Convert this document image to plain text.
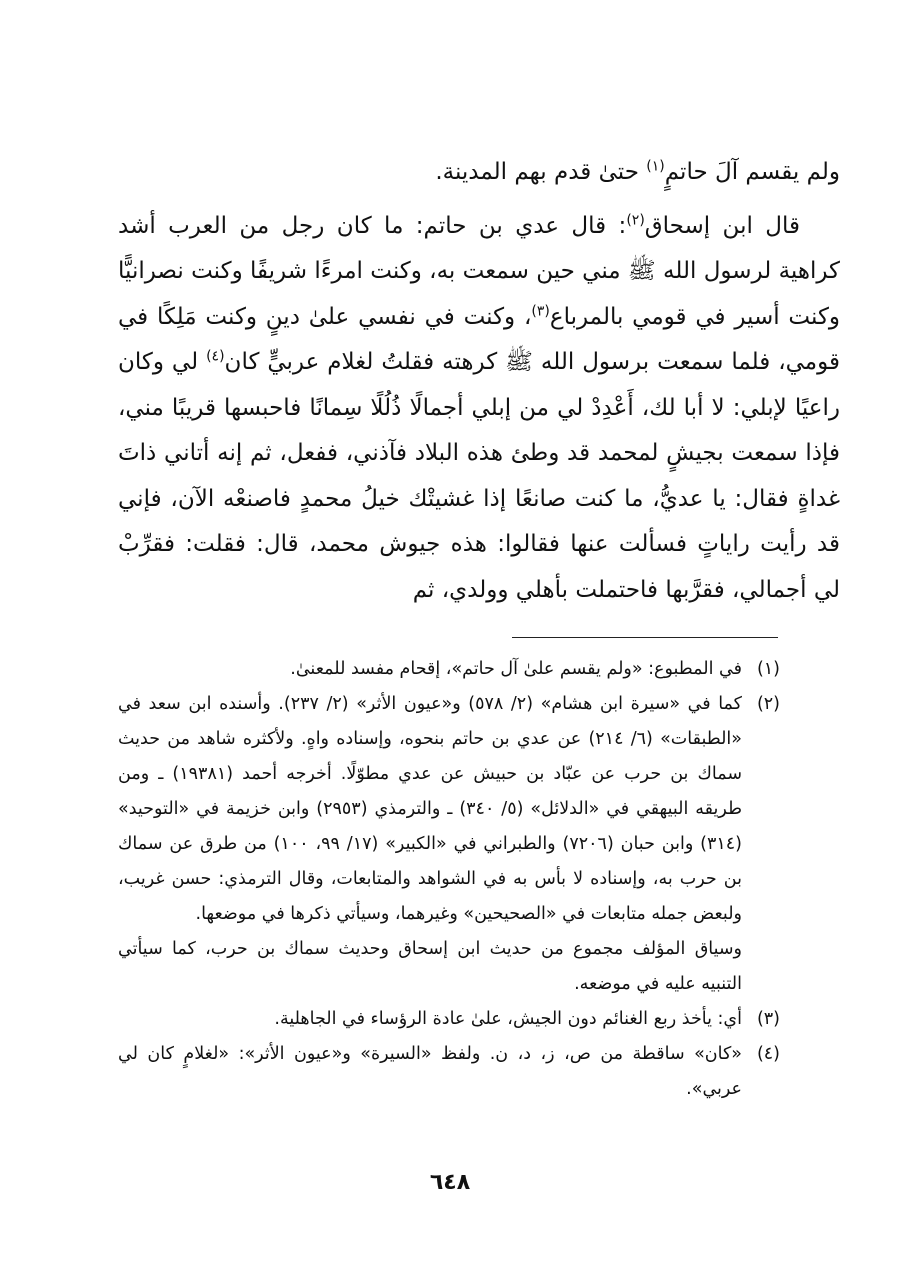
ولم يقسم آلَ حاتمٍ$^{(١)}$ حتىٰ قدم بهم المدينة.

قال ابن إسحاق$^{(٢)}$: قال عدي بن حاتم: ما كان رجل من العرب أشد كراهية لرسول الله ﷺ مني حين سمعت به، وكنت امرءًا شريفًا وكنت نصرانيًّا وكنت أسير في قومي بالمرباع$^{(٣)}$، وكنت في نفسي علىٰ دينٍ وكنت مَلِكًا في قومي، فلما سمعت برسول الله ﷺ كرهته فقلتُ لغلام عربيٍّ كان$^{(٤)}$ لي وكان راعيًا لإبلي: لا أبا لك، أَعْدِدْ لي من إبلي أجمالًا ذُلُلًا سِمانًا فاحبسها قريبًا مني، فإذا سمعت بجيشٍ لمحمد قد وطئ هذه البلاد فآذني، ففعل، ثم إنه أتاني ذاتَ غداةٍ فقال: يا عديُّ، ما كنت صانعًا إذا غشيتْك خيلُ محمدٍ فاصنعْه الآن، فإني قد رأيت راياتٍ فسألت عنها فقالوا: هذه جيوش محمد، قال: فقلت: فقرِّبْ لي أجمالي، فقرَّبها فاحتملت بأهلي وولدي، ثم

(١)

في المطبوع: «ولم يقسم علىٰ آل حاتم»، إقحام مفسد للمعنىٰ.

(٢)

كما في «سيرة ابن هشام» (٢/ ٥٧٨) و«عيون الأثر» (٢/ ٢٣٧). وأسنده ابن سعد في «الطبقات» (٦/ ٢١٤) عن عدي بن حاتم بنحوه، وإسناده واهٍ. ولأكثره شاهد من حديث سماك بن حرب عن عبّاد بن حبيش عن عدي مطوّلًا. أخرجه أحمد (١٩٣٨١) ـ ومن طريقه البيهقي في «الدلائل» (٥/ ٣٤٠) ـ والترمذي (٢٩٥٣) وابن خزيمة في «التوحيد» (٣١٤) وابن حبان (٧٢٠٦) والطبراني في «الكبير» (١٧/ ٩٩، ١٠٠) من طرق عن سماك بن حرب به، وإسناده لا بأس به في الشواهد والمتابعات، وقال الترمذي: حسن غريب، ولبعض جمله متابعات في «الصحيحين» وغيرهما، وسيأتي ذكرها في موضعها.

وسياق المؤلف مجموع من حديث ابن إسحاق وحديث سماك بن حرب، كما سيأتي التنبيه عليه في موضعه.

(٣)

أي: يأخذ ربع الغنائم دون الجيش، علىٰ عادة الرؤساء في الجاهلية.

(٤)

«كان» ساقطة من ص، ز، د، ن. ولفظ «السيرة» و«عيون الأثر»: «لغلامٍ كان لي عربي».

٦٤٨
